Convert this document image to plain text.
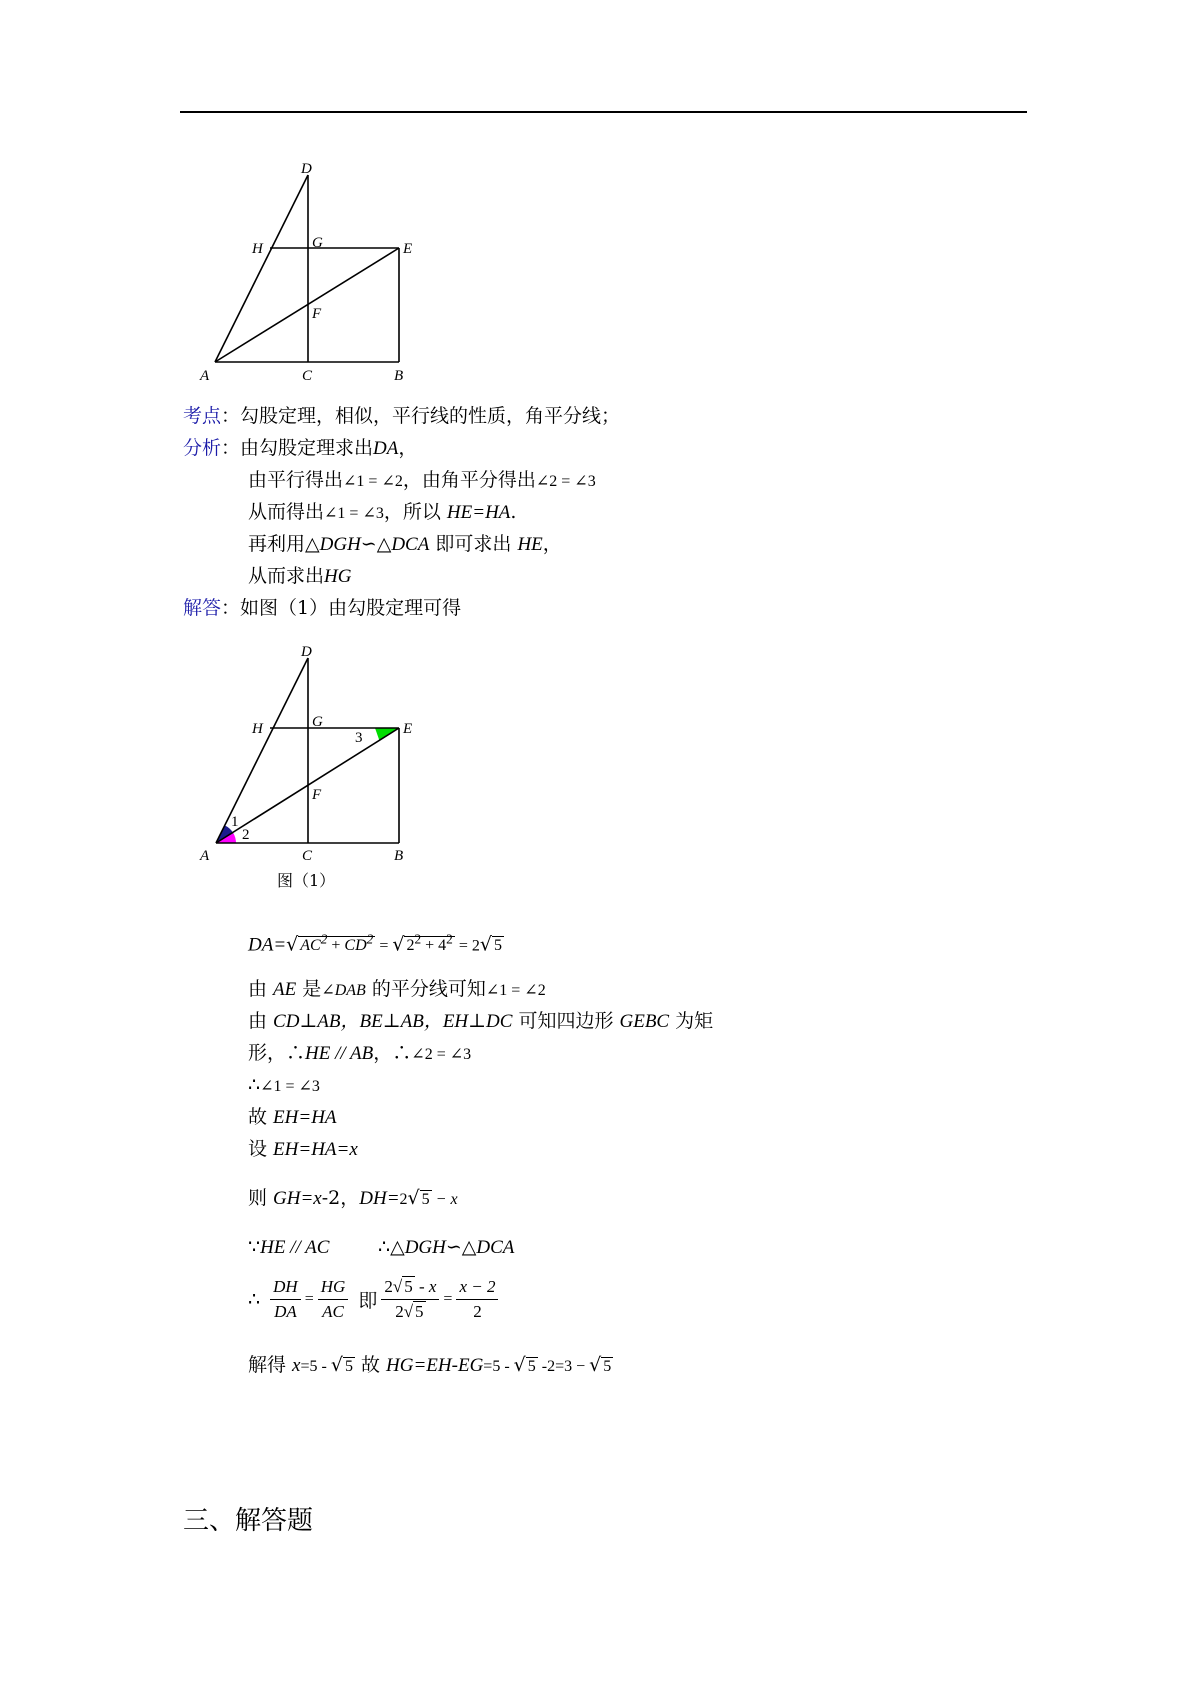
D
H	G	E
F
A	C	B
考点：勾股定理，相似，平行线的性质，角平分线；
分析：由勾股定理求出DA，
由平行得出∠1 = ∠2，由角平分得出∠2 = ∠3
从而得出∠1 = ∠3，所以 HE=HA.
再利用△DGH∽△DCA 即可求出 HE，
从而求出HG
解答：如图（1）由勾股定理可得
D
H	G	E
F
A	C	B
1
2
3
图（1）
DA=√ $AC^2 + CD^2$ = √ $2^2 + 4^2 = 2√$ 5
由 AE 是∠DAB 的平分线可知∠1 = ∠2
由 CD⊥AB，BE⊥AB，EH⊥DC 可知四边形 GEBC 为矩
形，∴HE // AB，∴∠2 = ∠3
∴∠1 = ∠3
故 EH=HA
设 EH=HA=x
则 GH=x-2，DH=2√ 5 − x
∵HE // AC	∴△DGH∽△DCA
∴ $\frac{DH}{DA} = \frac{HG}{AC}$ 即 $\frac{2√ 5 - x}{2√ 5} = \frac{x - 2}{2}$
解得 x=5 - √ 5 故 HG=EH-EG=5 - √ 5 -2=3 − √ 5
三、解答题
